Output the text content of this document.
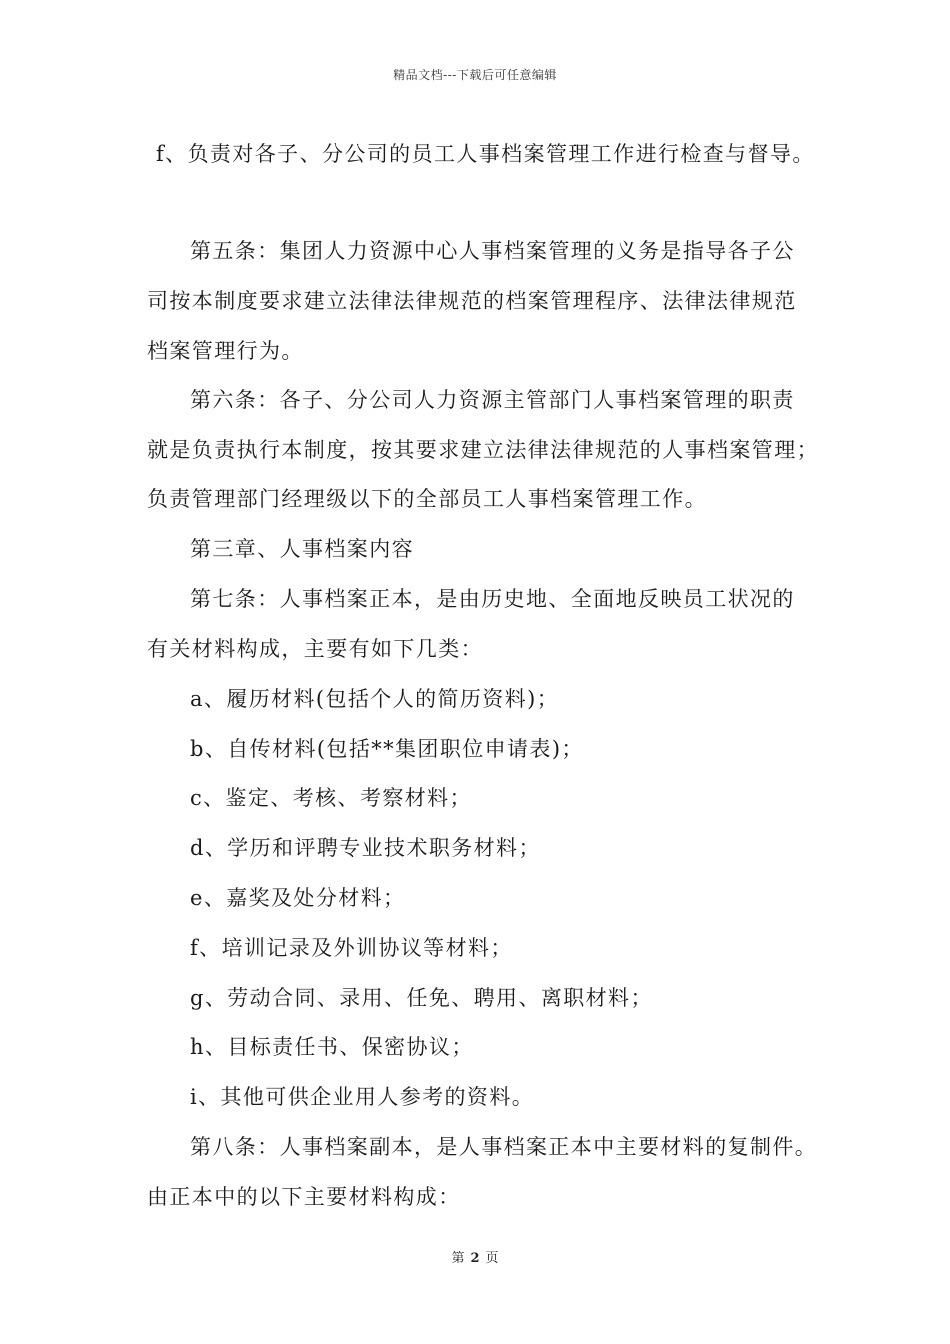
精品文档---下载后可任意编辑
f、负责对各子、分公司的员工人事档案管理工作进行检查与督导。
第五条：集团人力资源中心人事档案管理的义务是指导各子公
司按本制度要求建立法律法律规范的档案管理程序、法律法律规范
档案管理行为。
第六条：各子、分公司人力资源主管部门人事档案管理的职责
就是负责执行本制度，按其要求建立法律法律规范的人事档案管理；
负责管理部门经理级以下的全部员工人事档案管理工作。
第三章、人事档案内容
第七条：人事档案正本，是由历史地、全面地反映员工状况的
有关材料构成，主要有如下几类：
a、履历材料(包括个人的简历资料)；
b、自传材料(包括**集团职位申请表)；
c、鉴定、考核、考察材料；
d、学历和评聘专业技术职务材料；
e、嘉奖及处分材料；
f、培训记录及外训协议等材料；
g、劳动合同、录用、任免、聘用、离职材料；
h、目标责任书、保密协议；
i、其他可供企业用人参考的资料。
第八条：人事档案副本，是人事档案正本中主要材料的复制件。
由正本中的以下主要材料构成：
第 2 页
